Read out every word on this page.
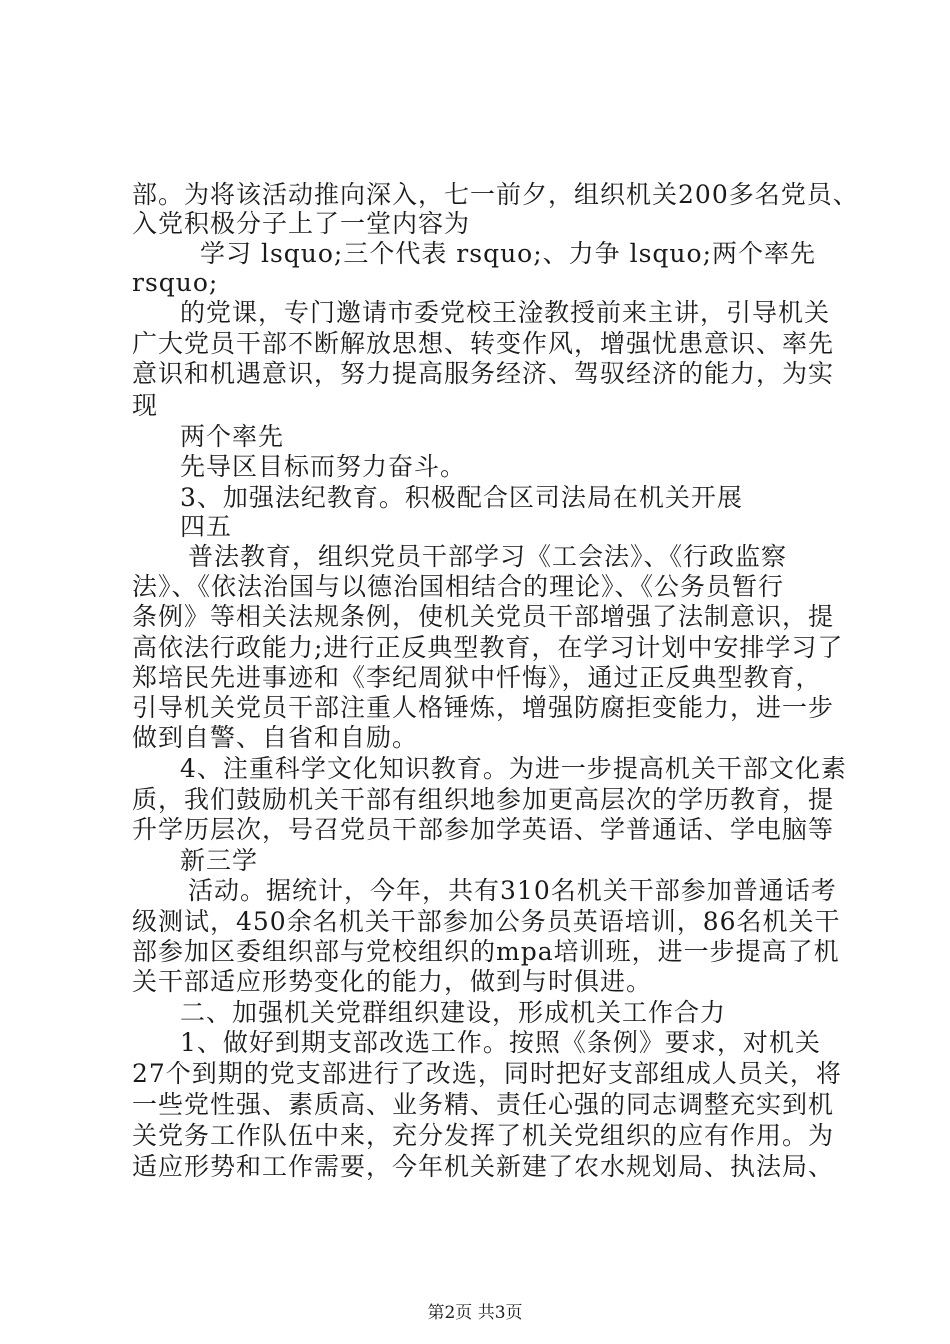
部。为将该活动推向深入，七一前夕，组织机关200多名党员、
入党积极分子上了一堂内容为
学习 lsquo;三个代表 rsquo;、力争 lsquo;两个率先
rsquo;
的党课，专门邀请市委党校王淦教授前来主讲，引导机关
广大党员干部不断解放思想、转变作风，增强忧患意识、率先
意识和机遇意识，努力提高服务经济、驾驭经济的能力，为实
现
两个率先
先导区目标而努力奋斗。
3、加强法纪教育。积极配合区司法局在机关开展
四五
普法教育，组织党员干部学习《工会法》、《行政监察
法》、《依法治国与以德治国相结合的理论》、《公务员暂行
条例》等相关法规条例，使机关党员干部增强了法制意识，提
高依法行政能力;进行正反典型教育，在学习计划中安排学习了
郑培民先进事迹和《李纪周狱中忏悔》，通过正反典型教育，
引导机关党员干部注重人格锤炼，增强防腐拒变能力，进一步
做到自警、自省和自励。
4、注重科学文化知识教育。为进一步提高机关干部文化素
质，我们鼓励机关干部有组织地参加更高层次的学历教育，提
升学历层次，号召党员干部参加学英语、学普通话、学电脑等
新三学
活动。据统计，今年，共有310名机关干部参加普通话考
级测试，450余名机关干部参加公务员英语培训，86名机关干
部参加区委组织部与党校组织的mpa培训班，进一步提高了机
关干部适应形势变化的能力，做到与时俱进。
二、加强机关党群组织建设，形成机关工作合力
1、做好到期支部改选工作。按照《条例》要求，对机关
27个到期的党支部进行了改选，同时把好支部组成人员关，将
一些党性强、素质高、业务精、责任心强的同志调整充实到机
关党务工作队伍中来，充分发挥了机关党组织的应有作用。为
适应形势和工作需要，今年机关新建了农水规划局、执法局、
第2页 共3页
